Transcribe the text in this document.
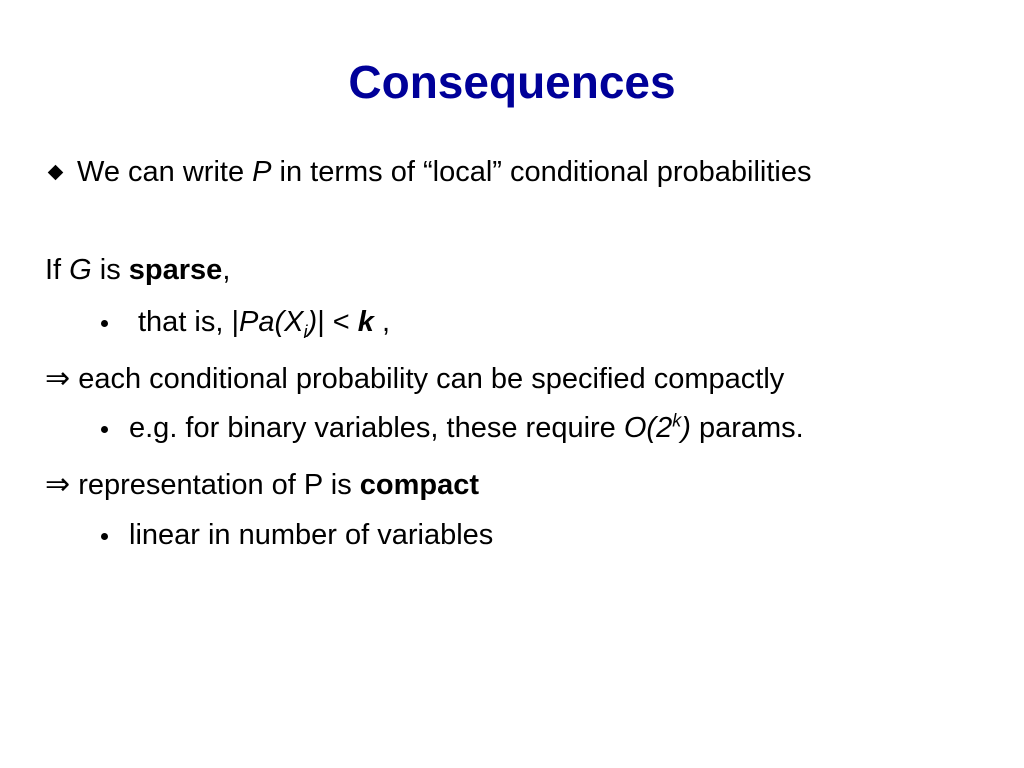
Consequences
We can write P in terms of “local” conditional probabilities
If G is sparse,
that is, $|Pa(X_i)| < k$ ,
⇒ each conditional probability can be specified compactly
e.g. for binary variables, these require O(2$^k$) params.
⇒ representation of P is compact
linear in number of variables
